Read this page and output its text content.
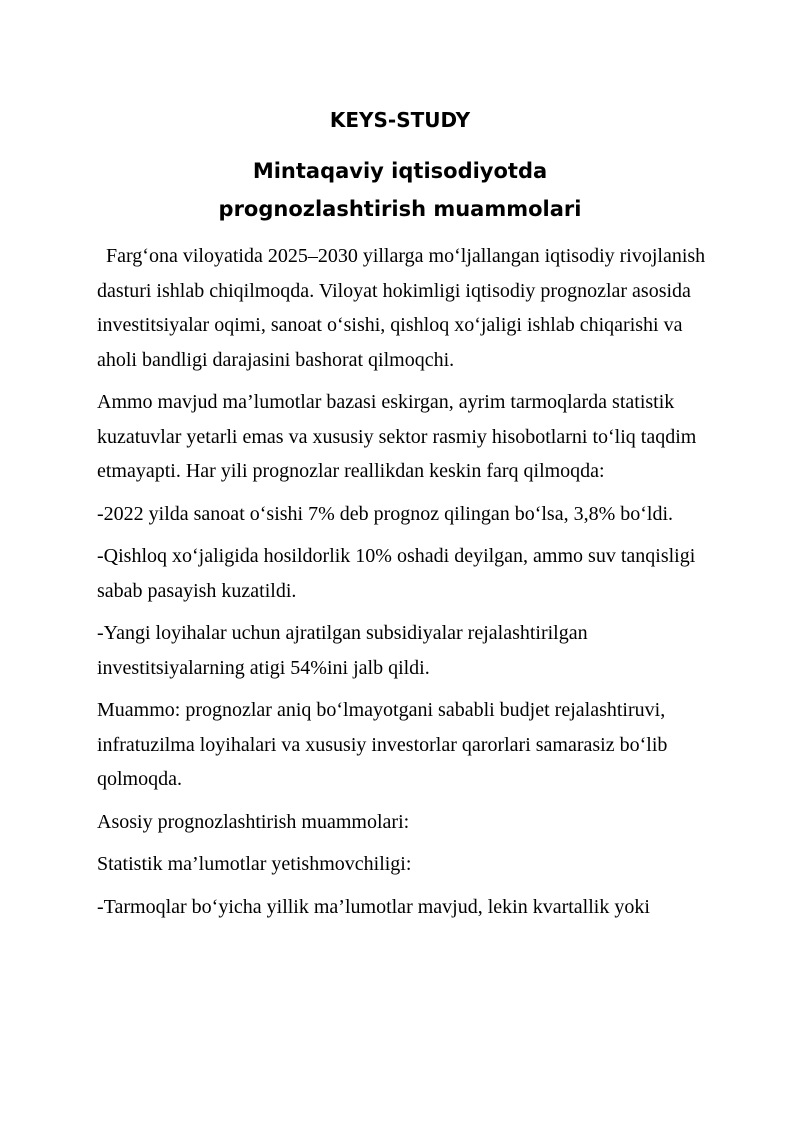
KEYS-STUDY
Mintaqaviy iqtisodiyotda prognozlashtirish muammolari

Farg‘ona viloyatida 2025–2030 yillarga mo‘ljallangan iqtisodiy rivojlanish dasturi ishlab chiqilmoqda. Viloyat hokimligi iqtisodiy prognozlar asosida investitsiyalar oqimi, sanoat o‘sishi, qishloq xo‘jaligi ishlab chiqarishi va aholi bandligi darajasini bashorat qilmoqchi.

Ammo mavjud ma’lumotlar bazasi eskirgan, ayrim tarmoqlarda statistik kuzatuvlar yetarli emas va xususiy sektor rasmiy hisobotlarni to‘liq taqdim etmayapti. Har yili prognozlar reallikdan keskin farq qilmoqda:

-2022 yilda sanoat o‘sishi 7% deb prognoz qilingan bo‘lsa, 3,8% bo‘ldi.

-Qishloq xo‘jaligida hosildorlik 10% oshadi deyilgan, ammo suv tanqisligi sabab pasayish kuzatildi.

-Yangi loyihalar uchun ajratilgan subsidiyalar rejalashtirilgan investitsiyalarning atigi 54%ini jalb qildi.

Muammo: prognozlar aniq bo‘lmayotgani sababli budjet rejalashtiruvi, infratuzilma loyihalari va xususiy investorlar qarorlari samarasiz bo‘lib qolmoqda.

Asosiy prognozlashtirish muammolari:

Statistik ma’lumotlar yetishmovchiligi:

-Tarmoqlar bo‘yicha yillik ma’lumotlar mavjud, lekin kvartallik yoki
